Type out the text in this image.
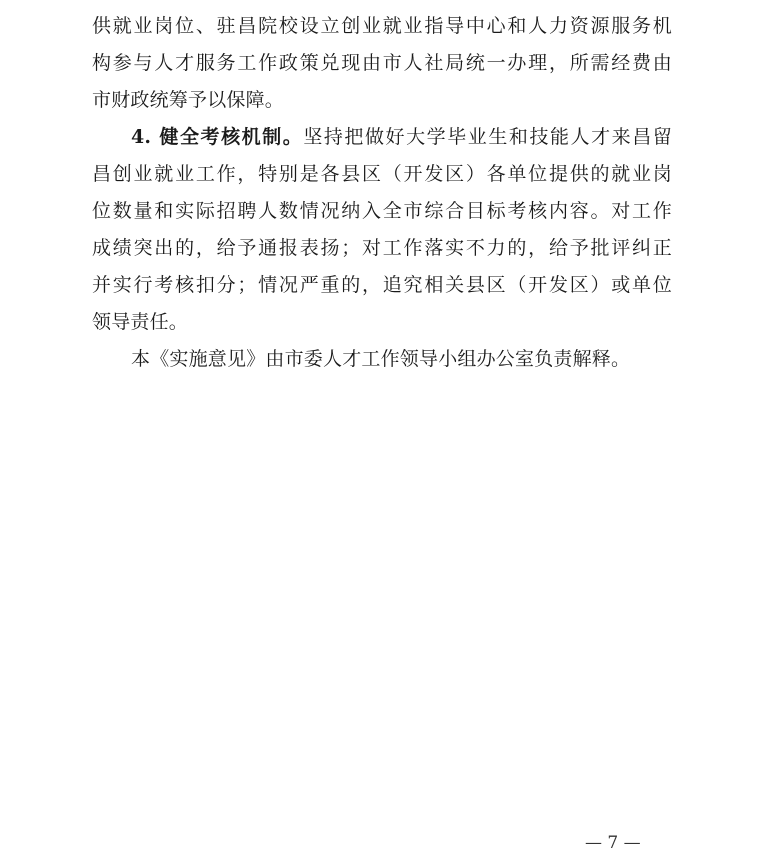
供就业岗位、驻昌院校设立创业就业指导中心和人力资源服务机
构参与人才服务工作政策兑现由市人社局统一办理，所需经费由
市财政统筹予以保障。
4. 健全考核机制。坚持把做好大学毕业生和技能人才来昌留
昌创业就业工作，特别是各县区（开发区）各单位提供的就业岗
位数量和实际招聘人数情况纳入全市综合目标考核内容。对工作
成绩突出的，给予通报表扬；对工作落实不力的，给予批评纠正
并实行考核扣分；情况严重的，追究相关县区（开发区）或单位
领导责任。
本《实施意见》由市委人才工作领导小组办公室负责解释。
— 7 —
